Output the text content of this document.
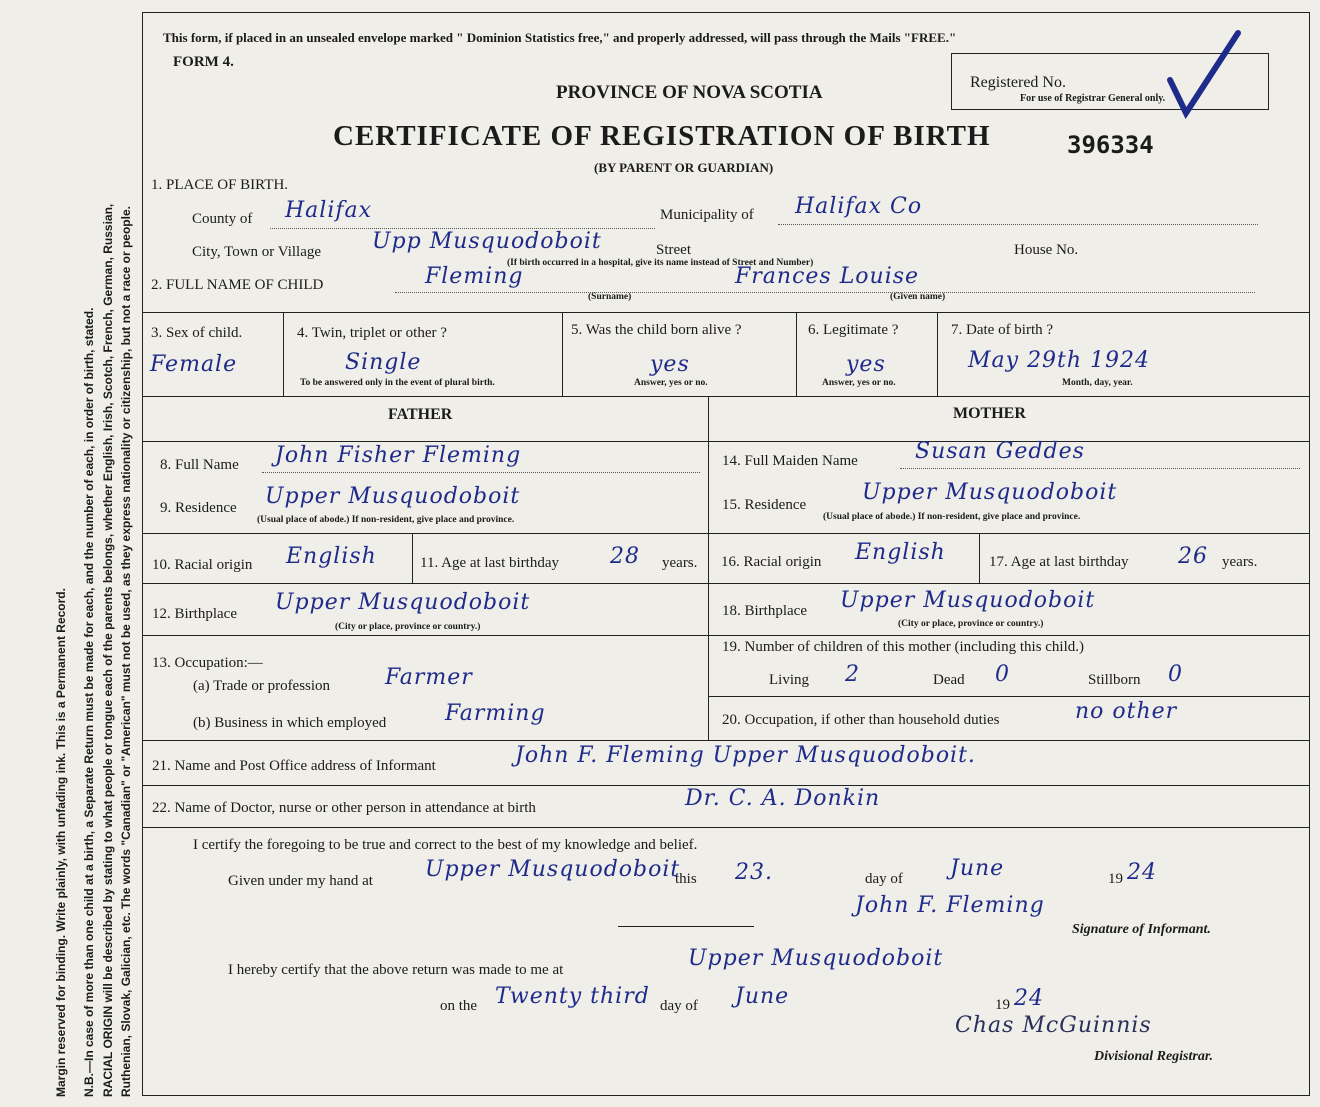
Margin reserved for binding. Write plainly, with unfading ink. This is a Permanent Record. N.B.—In case of more than one child at a birth, a Separate Return must be made for each, and the number of each, in order of birth, stated. RACIAL ORIGIN will be described by stating to what people or tongue each of the parents belongs, whether English, Irish, Scotch, French, German, Russian, Ruthenian, Slovak, Galician, etc. The words "Canadian" or "American" must not be used, as they express nationality or citizenship, but not a race or people.
This form, if placed in an unsealed envelope marked " Dominion Statistics free," and properly addressed, will pass through the Mails "FREE."
FORM 4.
PROVINCE OF NOVA SCOTIA
CERTIFICATE OF REGISTRATION OF BIRTH
(BY PARENT OR GUARDIAN)
Registered No.
For use of Registrar General only.
396334
1. PLACE OF BIRTH.
County of Halifax	Municipality of Halifax Co
City, Town or Village Upp Musquodoboit	Street	House No.
(If birth occurred in a hospital, give its name instead of Street and Number)
2. FULL NAME OF CHILD	Fleming
(Surname)
Frances Louise
(Given name)
3. Sex of child.
Female
4. Twin, triplet or other ?
Single
To be answered only in the event of plural birth.
5. Was the child born alive ?
yes
Answer, yes or no.
6. Legitimate ?
yes
Answer, yes or no.
7. Date of birth ?
May 29th 1924
Month, day, year.
FATHER	MOTHER
8. Full Name John Fisher Fleming
9. Residence Upper Musquodoboit
(Usual place of abode.) If non-resident, give place and province.
10. Racial origin English	11. Age at last birthday 28 years.
12. Birthplace Upper Musquodoboit
(City or place, province or country.)
13. Occupation:—
(a) Trade or profession Farmer
(b) Business in which employed	Farming
14. Full Maiden Name	Susan Geddes
15. Residence	Upper Musquodoboit
(Usual place of abode.) If non-resident, give place and province.
16. Racial origin English	17. Age at last birthday 26 years.
18. Birthplace Upper Musquodoboit
(City or place, province or country.)
19. Number of children of this mother (including this child.)
Living 2	Dead 0	Stillborn 0
20. Occupation, if other than household duties	no other
21. Name and Post Office address of Informant	John F. Fleming Upper Musquodoboit.
22. Name of Doctor, nurse or other person in attendance at birth	Dr. C. A. Donkin
I certify the foregoing to be true and correct to the best of my knowledge and belief.
Given under my hand at Upper Musquodoboit
this 23.	day of June	19 24
John F. Fleming
Signature of Informant.
I hereby certify that the above return was made to me at	Upper Musquodoboit
on the Twenty third day of June	19 24
Chas McGuinnis
Divisional Registrar.
